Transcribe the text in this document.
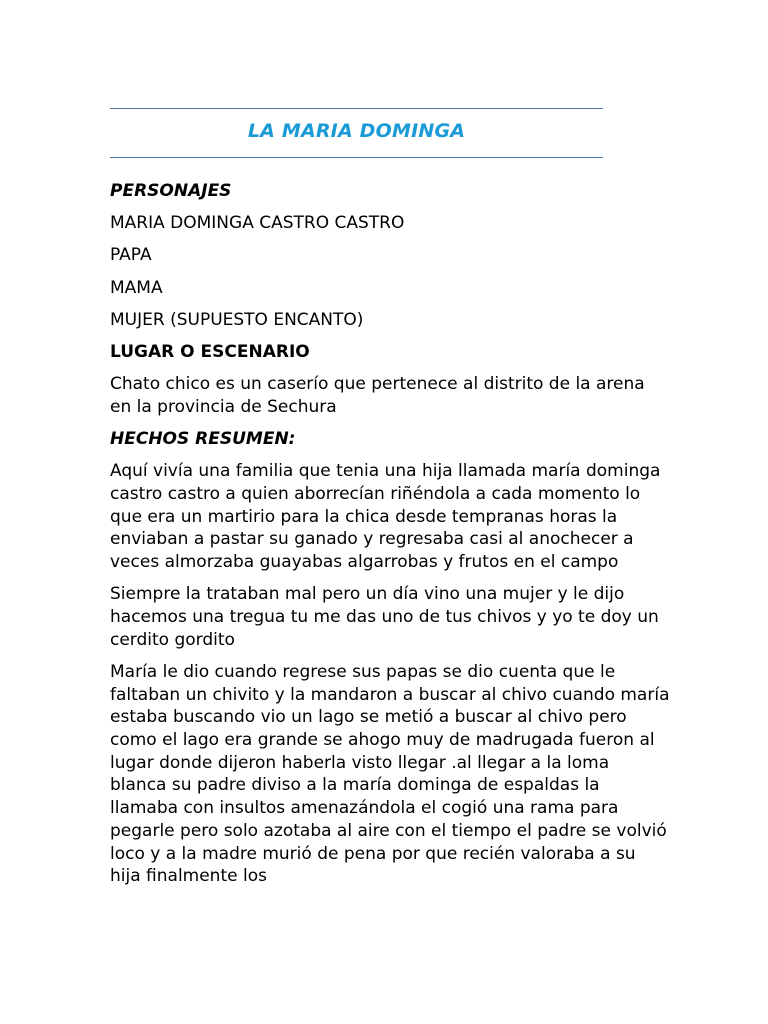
LA MARIA DOMINGA

PERSONAJES

MARIA DOMINGA CASTRO CASTRO

PAPA

MAMA

MUJER (SUPUESTO ENCANTO)

LUGAR O ESCENARIO

Chato chico es un caserío que pertenece al distrito de la arena en la provincia de Sechura

HECHOS RESUMEN:

Aquí vivía una familia que tenia una hija llamada maría dominga castro castro a quien aborrecían riñéndola a cada momento lo que era un martirio para la chica desde tempranas horas la enviaban a pastar su ganado y regresaba casi al anochecer a veces almorzaba guayabas algarrobas y frutos en el campo

Siempre la trataban mal pero un día vino una mujer y le dijo hacemos una tregua tu me das uno de tus chivos y yo te doy un cerdito gordito

María le dio cuando regrese sus papas se dio cuenta que le faltaban un chivito y la mandaron a buscar al chivo cuando maría estaba buscando vio un lago se metió a buscar al chivo pero como el lago era grande se ahogo muy de madrugada fueron al lugar donde dijeron haberla visto llegar .al llegar a la loma blanca su padre diviso a la maría dominga de espaldas la llamaba con insultos amenazándola el cogió una rama para pegarle pero solo azotaba al aire con el tiempo el padre se volvió loco y a la madre murió de pena por que recién valoraba a su hija finalmente los
